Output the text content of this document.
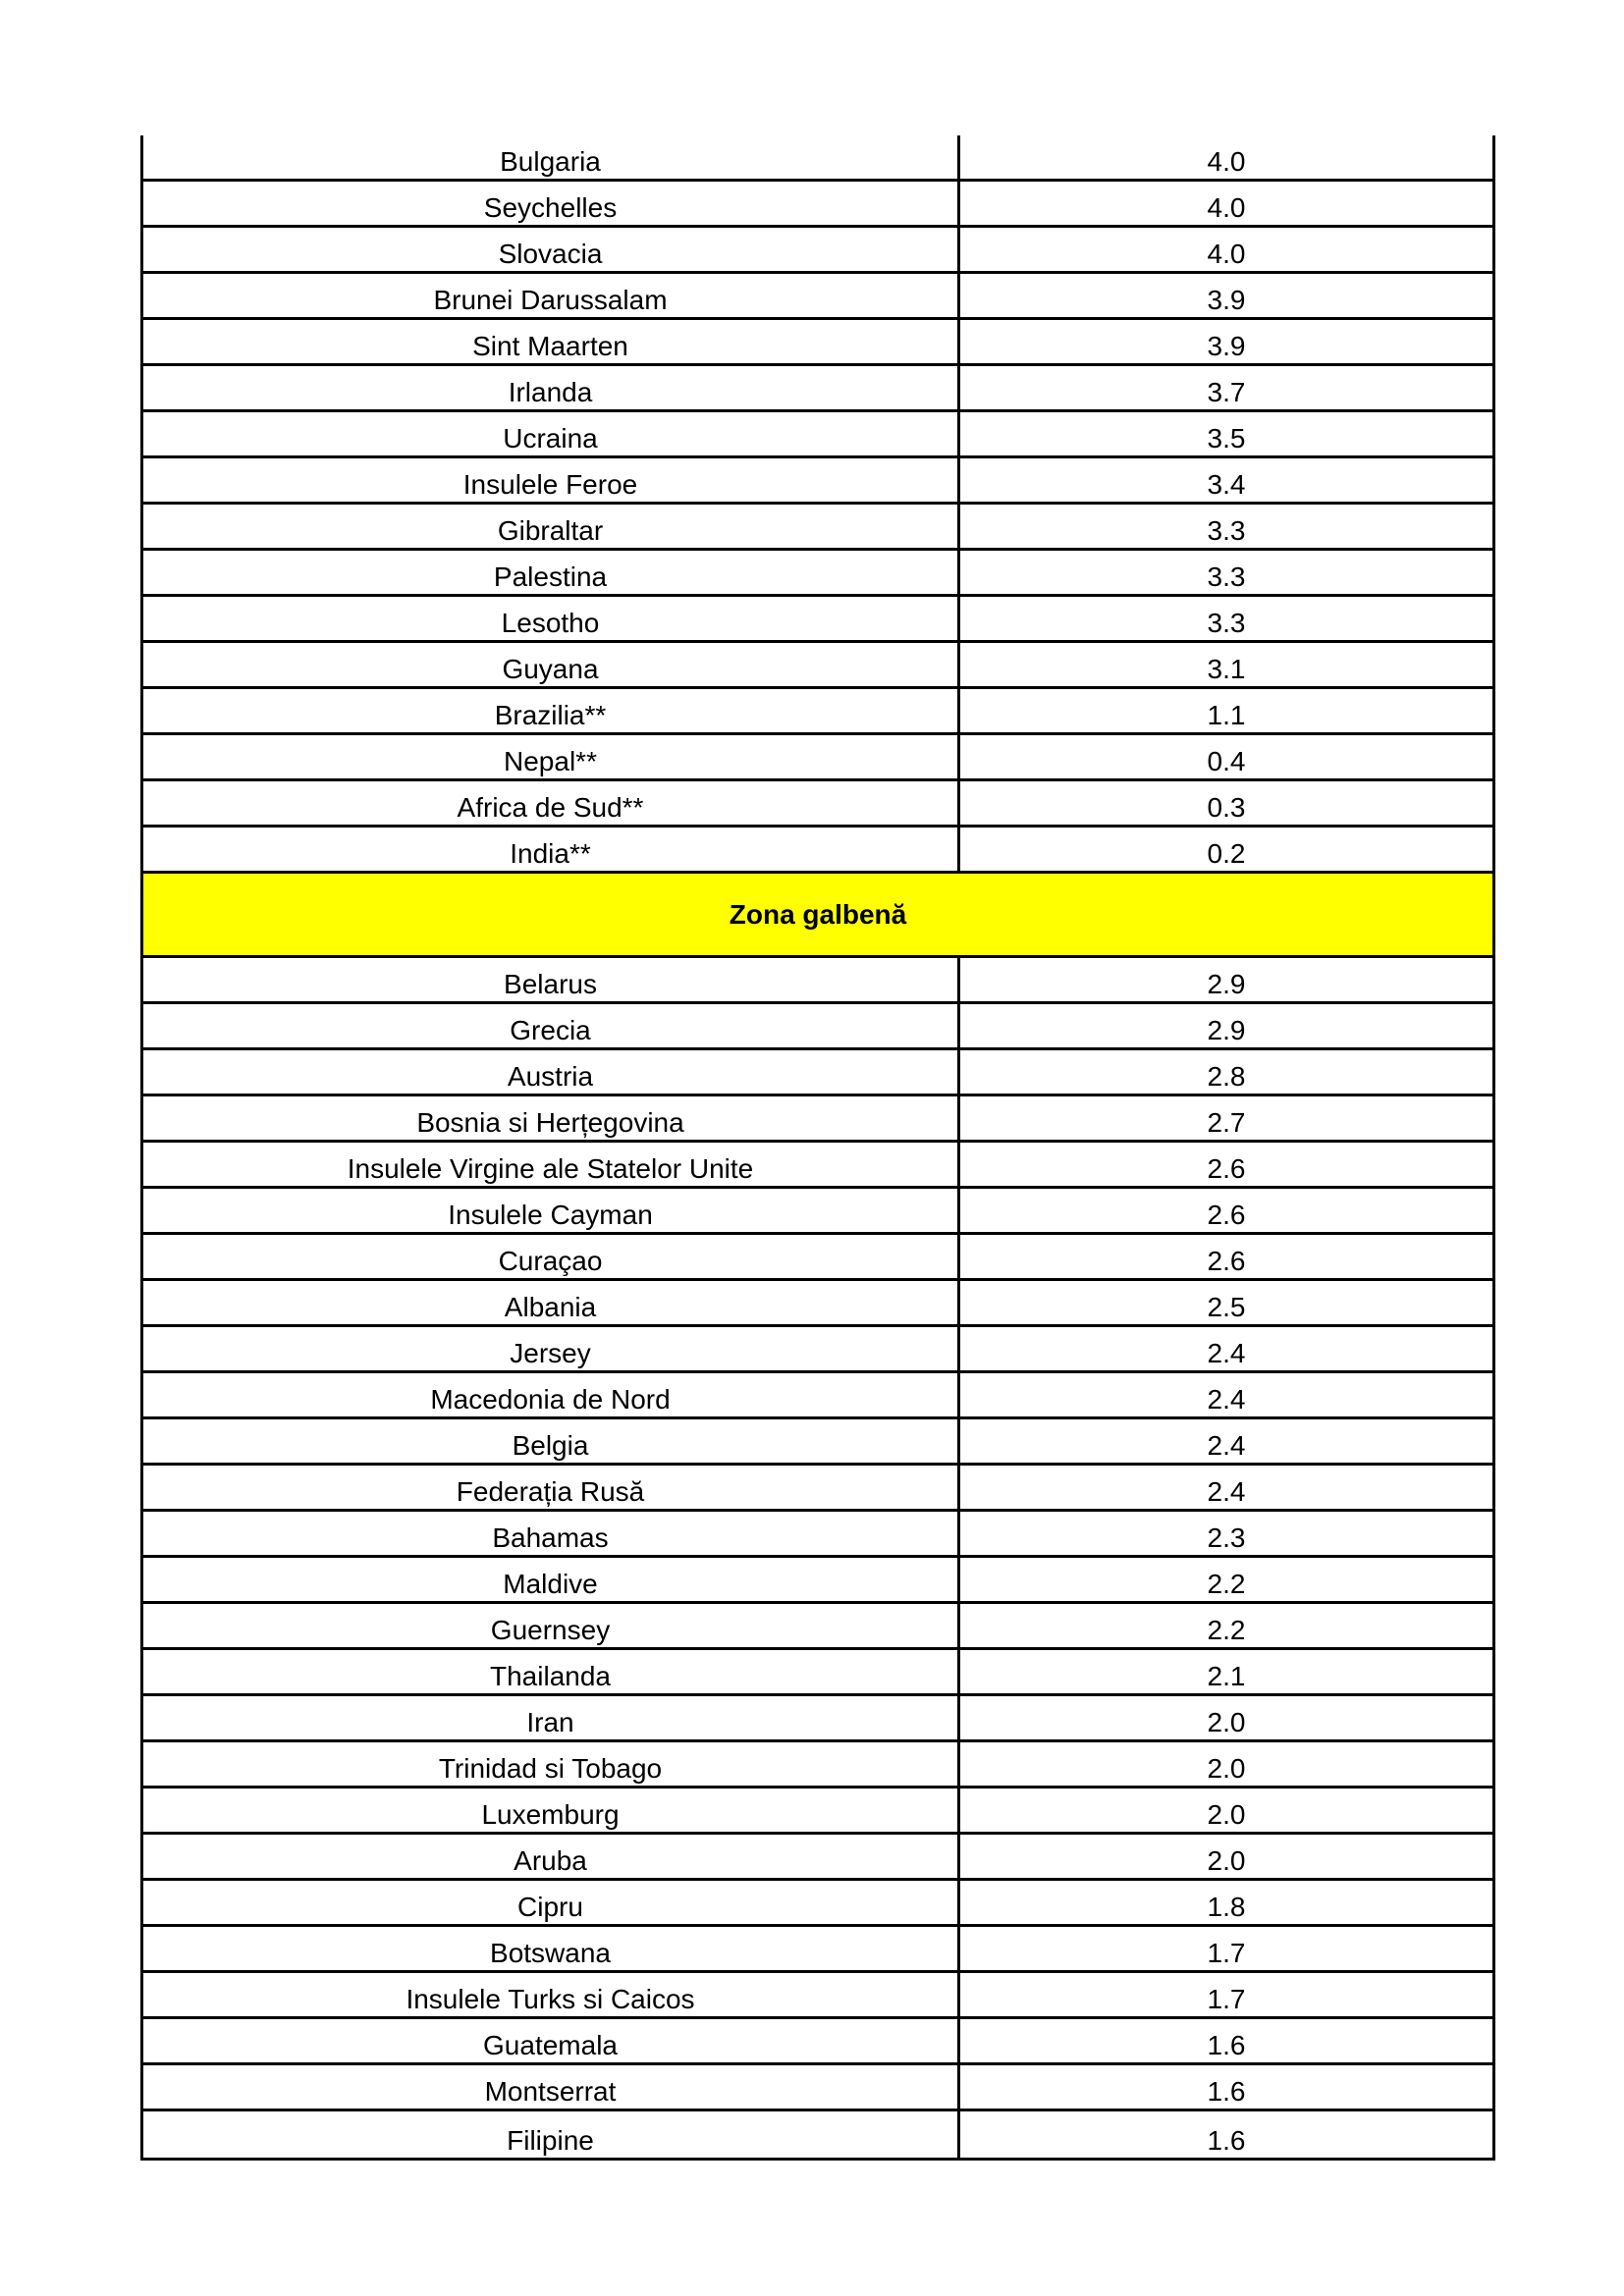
Bulgaria	4.0
Seychelles	4.0
Slovacia	4.0
Brunei Darussalam	3.9
Sint Maarten	3.9
Irlanda	3.7
Ucraina	3.5
Insulele Feroe	3.4
Gibraltar	3.3
Palestina	3.3
Lesotho	3.3
Guyana	3.1
Brazilia**	1.1
Nepal**	0.4
Africa de Sud**	0.3
India**	0.2
Zona galbenă
Belarus	2.9
Grecia	2.9
Austria	2.8
Bosnia si Herțegovina	2.7
Insulele Virgine ale Statelor Unite	2.6
Insulele Cayman	2.6
Curaçao	2.6
Albania	2.5
Jersey	2.4
Macedonia de Nord	2.4
Belgia	2.4
Federația Rusă	2.4
Bahamas	2.3
Maldive	2.2
Guernsey	2.2
Thailanda	2.1
Iran	2.0
Trinidad si Tobago	2.0
Luxemburg	2.0
Aruba	2.0
Cipru	1.8
Botswana	1.7
Insulele Turks si Caicos	1.7
Guatemala	1.6
Montserrat	1.6
Filipine	1.6
